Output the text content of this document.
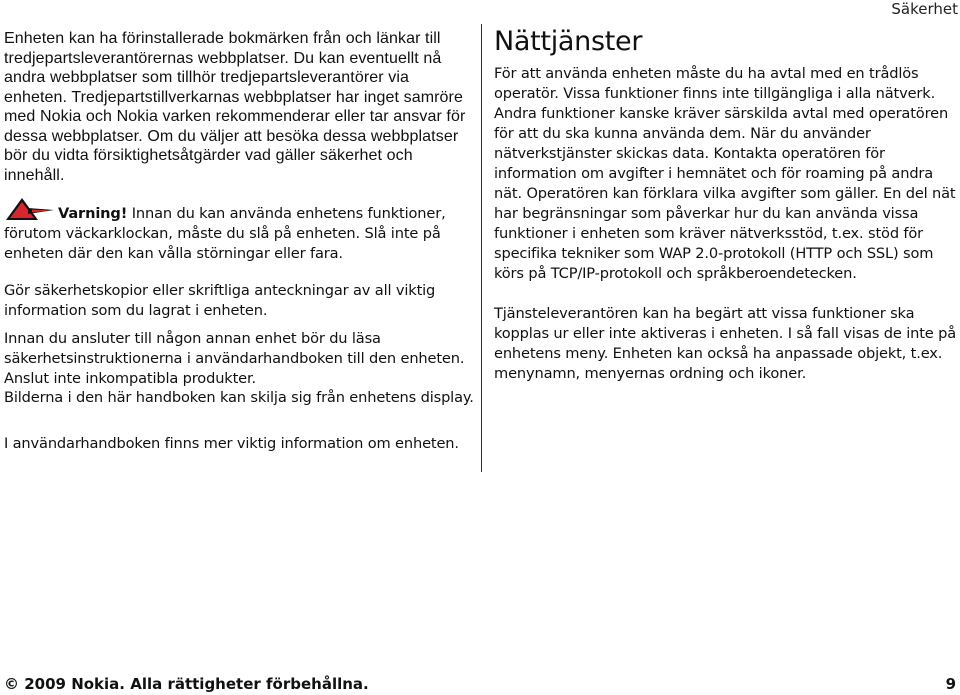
Säkerhet

Enheten kan ha förinstallerade bokmärken från och länkar till tredjepartsleverantörernas webbplatser. Du kan eventuellt nå andra webbplatser som tillhör tredjepartsleverantörer via enheten. Tredjepartstillverkarnas webbplatser har inget samröre med Nokia och Nokia varken rekommenderar eller tar ansvar för dessa webbplatser. Om du väljer att besöka dessa webbplatser bör du vidta försiktighetsåtgärder vad gäller säkerhet och innehåll.

Varning! Innan du kan använda enhetens funktioner, förutom väckarklockan, måste du slå på enheten. Slå inte på enheten där den kan vålla störningar eller fara.

Gör säkerhetskopior eller skriftliga anteckningar av all viktig information som du lagrat i enheten.

Innan du ansluter till någon annan enhet bör du läsa säkerhetsinstruktionerna i användarhandboken till den enheten. Anslut inte inkompatibla produkter.

Bilderna i den här handboken kan skilja sig från enhetens display.

I användarhandboken finns mer viktig information om enheten.

Nättjänster

För att använda enheten måste du ha avtal med en trådlös operatör. Vissa funktioner finns inte tillgängliga i alla nätverk. Andra funktioner kanske kräver särskilda avtal med operatören för att du ska kunna använda dem. När du använder nätverkstjänster skickas data. Kontakta operatören för information om avgifter i hemnätet och för roaming på andra nät. Operatören kan förklara vilka avgifter som gäller. En del nät har begränsningar som påverkar hur du kan använda vissa funktioner i enheten som kräver nätverksstöd, t.ex. stöd för specifika tekniker som WAP 2.0-protokoll (HTTP och SSL) som körs på TCP/IP-protokoll och språkberoendetecken.

Tjänsteleverantören kan ha begärt att vissa funktioner ska kopplas ur eller inte aktiveras i enheten. I så fall visas de inte på enhetens meny. Enheten kan också ha anpassade objekt, t.ex. menynamn, menyernas ordning och ikoner.

© 2009 Nokia. Alla rättigheter förbehållna.	9
